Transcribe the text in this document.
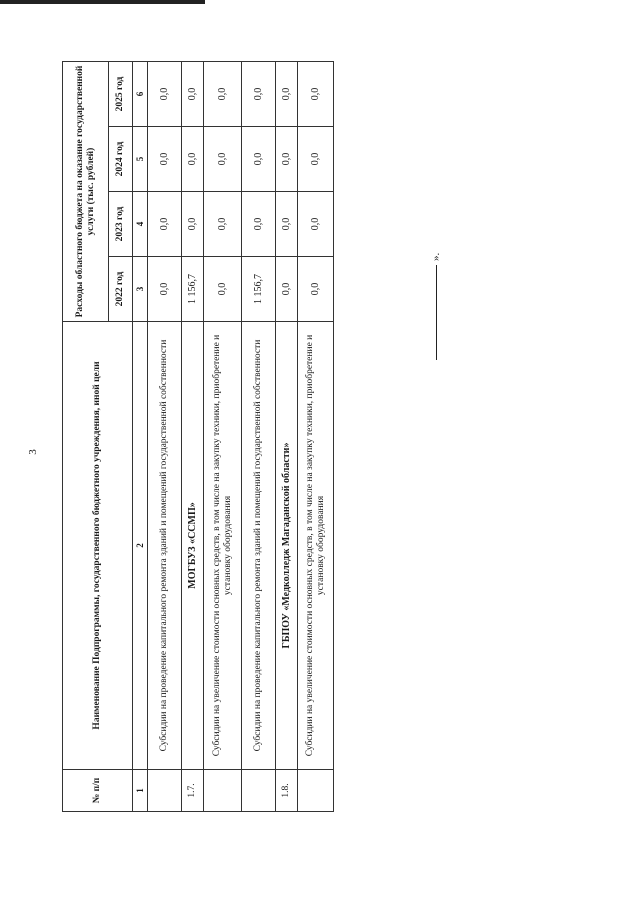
3
№ п/п	Наименование Подпрограммы, государственного бюджетного учреждения, иной цели	Расходы областного бюджета на оказание государственной услуги (тыс. рублей)			
		2022 год	2023 год	2024 год	2025 год
1	2	3	4	5	6
	Субсидии на проведение капитального ремонта зданий и помещений государственной собственности	0,0	0,0	0,0	0,0
1.7.	МОГБУЗ «ССМП»	1 156,7	0,0	0,0	0,0
	Субсидии на увеличение стоимости основных средств, в том числе на закупку техники, приобретение и установку оборудования	0,0	0,0	0,0	0,0
	Субсидии на проведение капитального ремонта зданий и помещений государственной собственности	1 156,7	0,0	0,0	0,0
1.8.	ГБПОУ «Медколледж Магаданской области»	0,0	0,0	0,0	0,0
	Субсидии на увеличение стоимости основных средств, в том числе на закупку техники, приобретение и установку оборудования	0,0	0,0	0,0	0,0
».
